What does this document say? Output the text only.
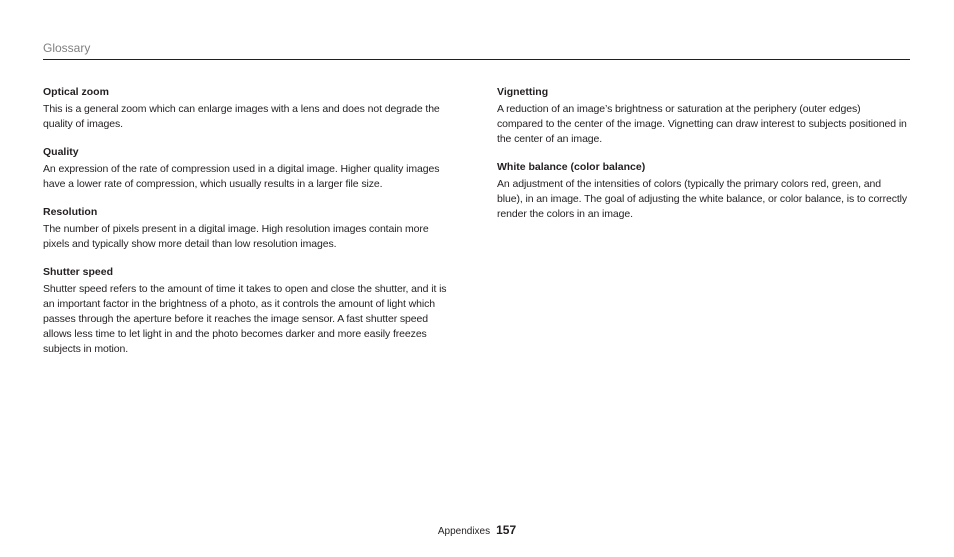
Glossary

Optical zoom

This is a general zoom which can enlarge images with a lens and does not degrade the quality of images.

Quality

An expression of the rate of compression used in a digital image. Higher quality images have a lower rate of compression, which usually results in a larger file size.

Resolution

The number of pixels present in a digital image. High resolution images contain more pixels and typically show more detail than low resolution images.

Shutter speed

Shutter speed refers to the amount of time it takes to open and close the shutter, and it is an important factor in the brightness of a photo, as it controls the amount of light which passes through the aperture before it reaches the image sensor. A fast shutter speed allows less time to let light in and the photo becomes darker and more easily freezes subjects in motion.

Vignetting

A reduction of an image’s brightness or saturation at the periphery (outer edges) compared to the center of the image. Vignetting can draw interest to subjects positioned in the center of an image.

White balance (color balance)

An adjustment of the intensities of colors (typically the primary colors red, green, and blue), in an image. The goal of adjusting the white balance, or color balance, is to correctly render the colors in an image.

Appendixes 157
